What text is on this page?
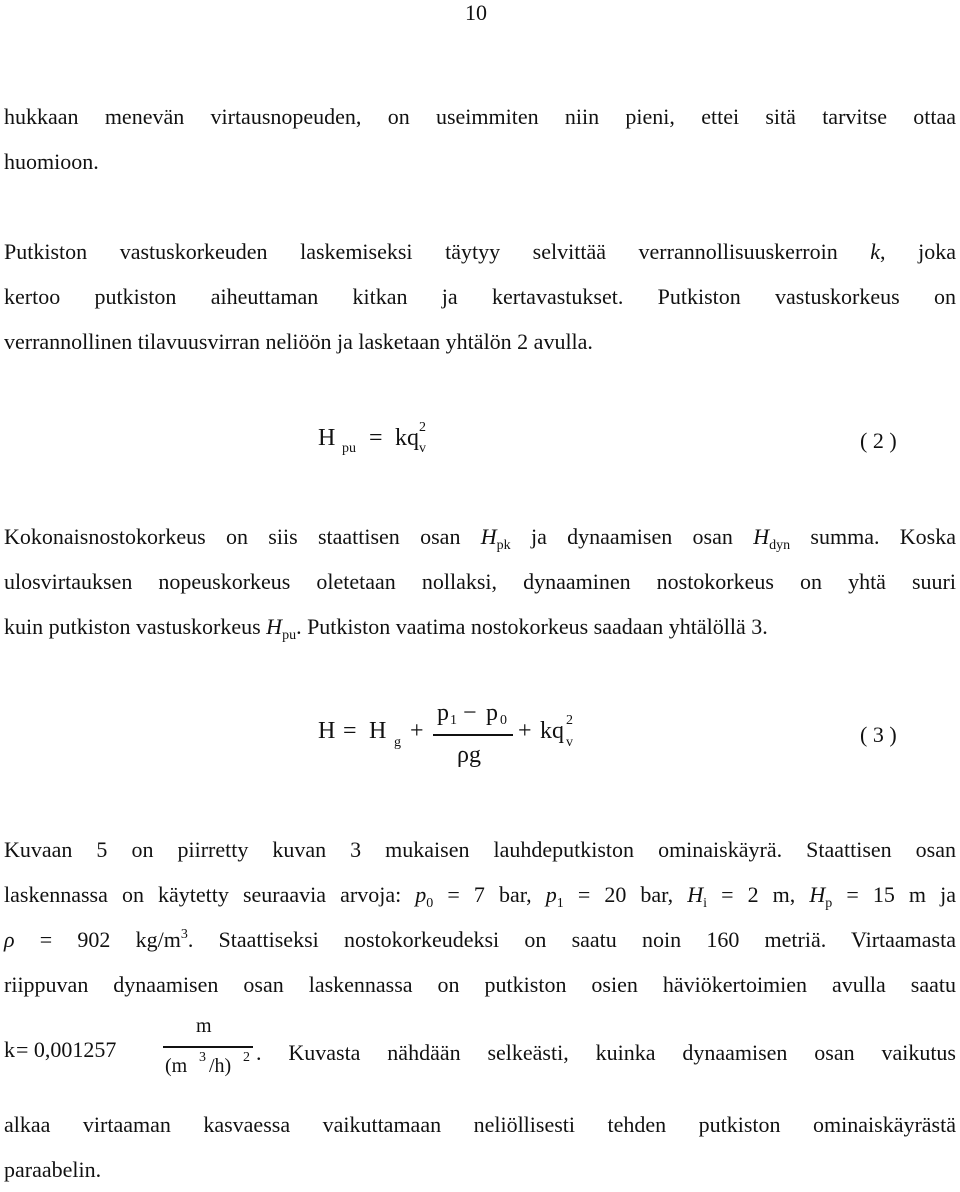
10
hukkaan menevän virtausnopeuden, on useimmiten niin pieni, ettei sitä tarvitse ottaa
huomioon.
Putkiston vastuskorkeuden laskemiseksi täytyy selvittää verrannollisuuskerroin k, joka
kertoo putkiston aiheuttaman kitkan ja kertavastukset. Putkiston vastuskorkeus on
verrannollinen tilavuusvirran neliöön ja lasketaan yhtälön 2 avulla.
H pu = kq v
2
( 2 )
Kokonaisnostokorkeus on siis staattisen osan $H_{pk}$ ja dynaamisen osan $H_{dyn}$ summa. Koska
ulosvirtauksen nopeuskorkeus oletetaan nollaksi, dynaaminen nostokorkeus on yhtä suuri
kuin putkiston vastuskorkeus $H_{pu}$. Putkiston vaatima nostokorkeus saadaan yhtälöllä 3.
H = H g +
p 1 − p 0
ρg
+ kq v
2
( 3 )
Kuvaan 5 on piirretty kuvan 3 mukaisen lauhdeputkiston ominaiskäyrä. Staattisen osan
laskennassa on käytetty seuraavia arvoja: $p_0 = 7$ bar, $p_1 = 20$ bar, $H_i = 2$ m, $H_p = 15$ m ja
ρ = 902 $kg/m^3$. Staattiseksi nostokorkeudeksi on saatu noin 160 metriä. Virtaamasta
riippuvan dynaamisen osan laskennassa on putkiston osien häviökertoimien avulla saatu
k = 0,001257
m
(m 3 /h) 2 . Kuvasta nähdään selkeästi, kuinka dynaamisen osan vaikutus
alkaa virtaaman kasvaessa vaikuttamaan neliöllisesti tehden putkiston ominaiskäyrästä
paraabelin.
